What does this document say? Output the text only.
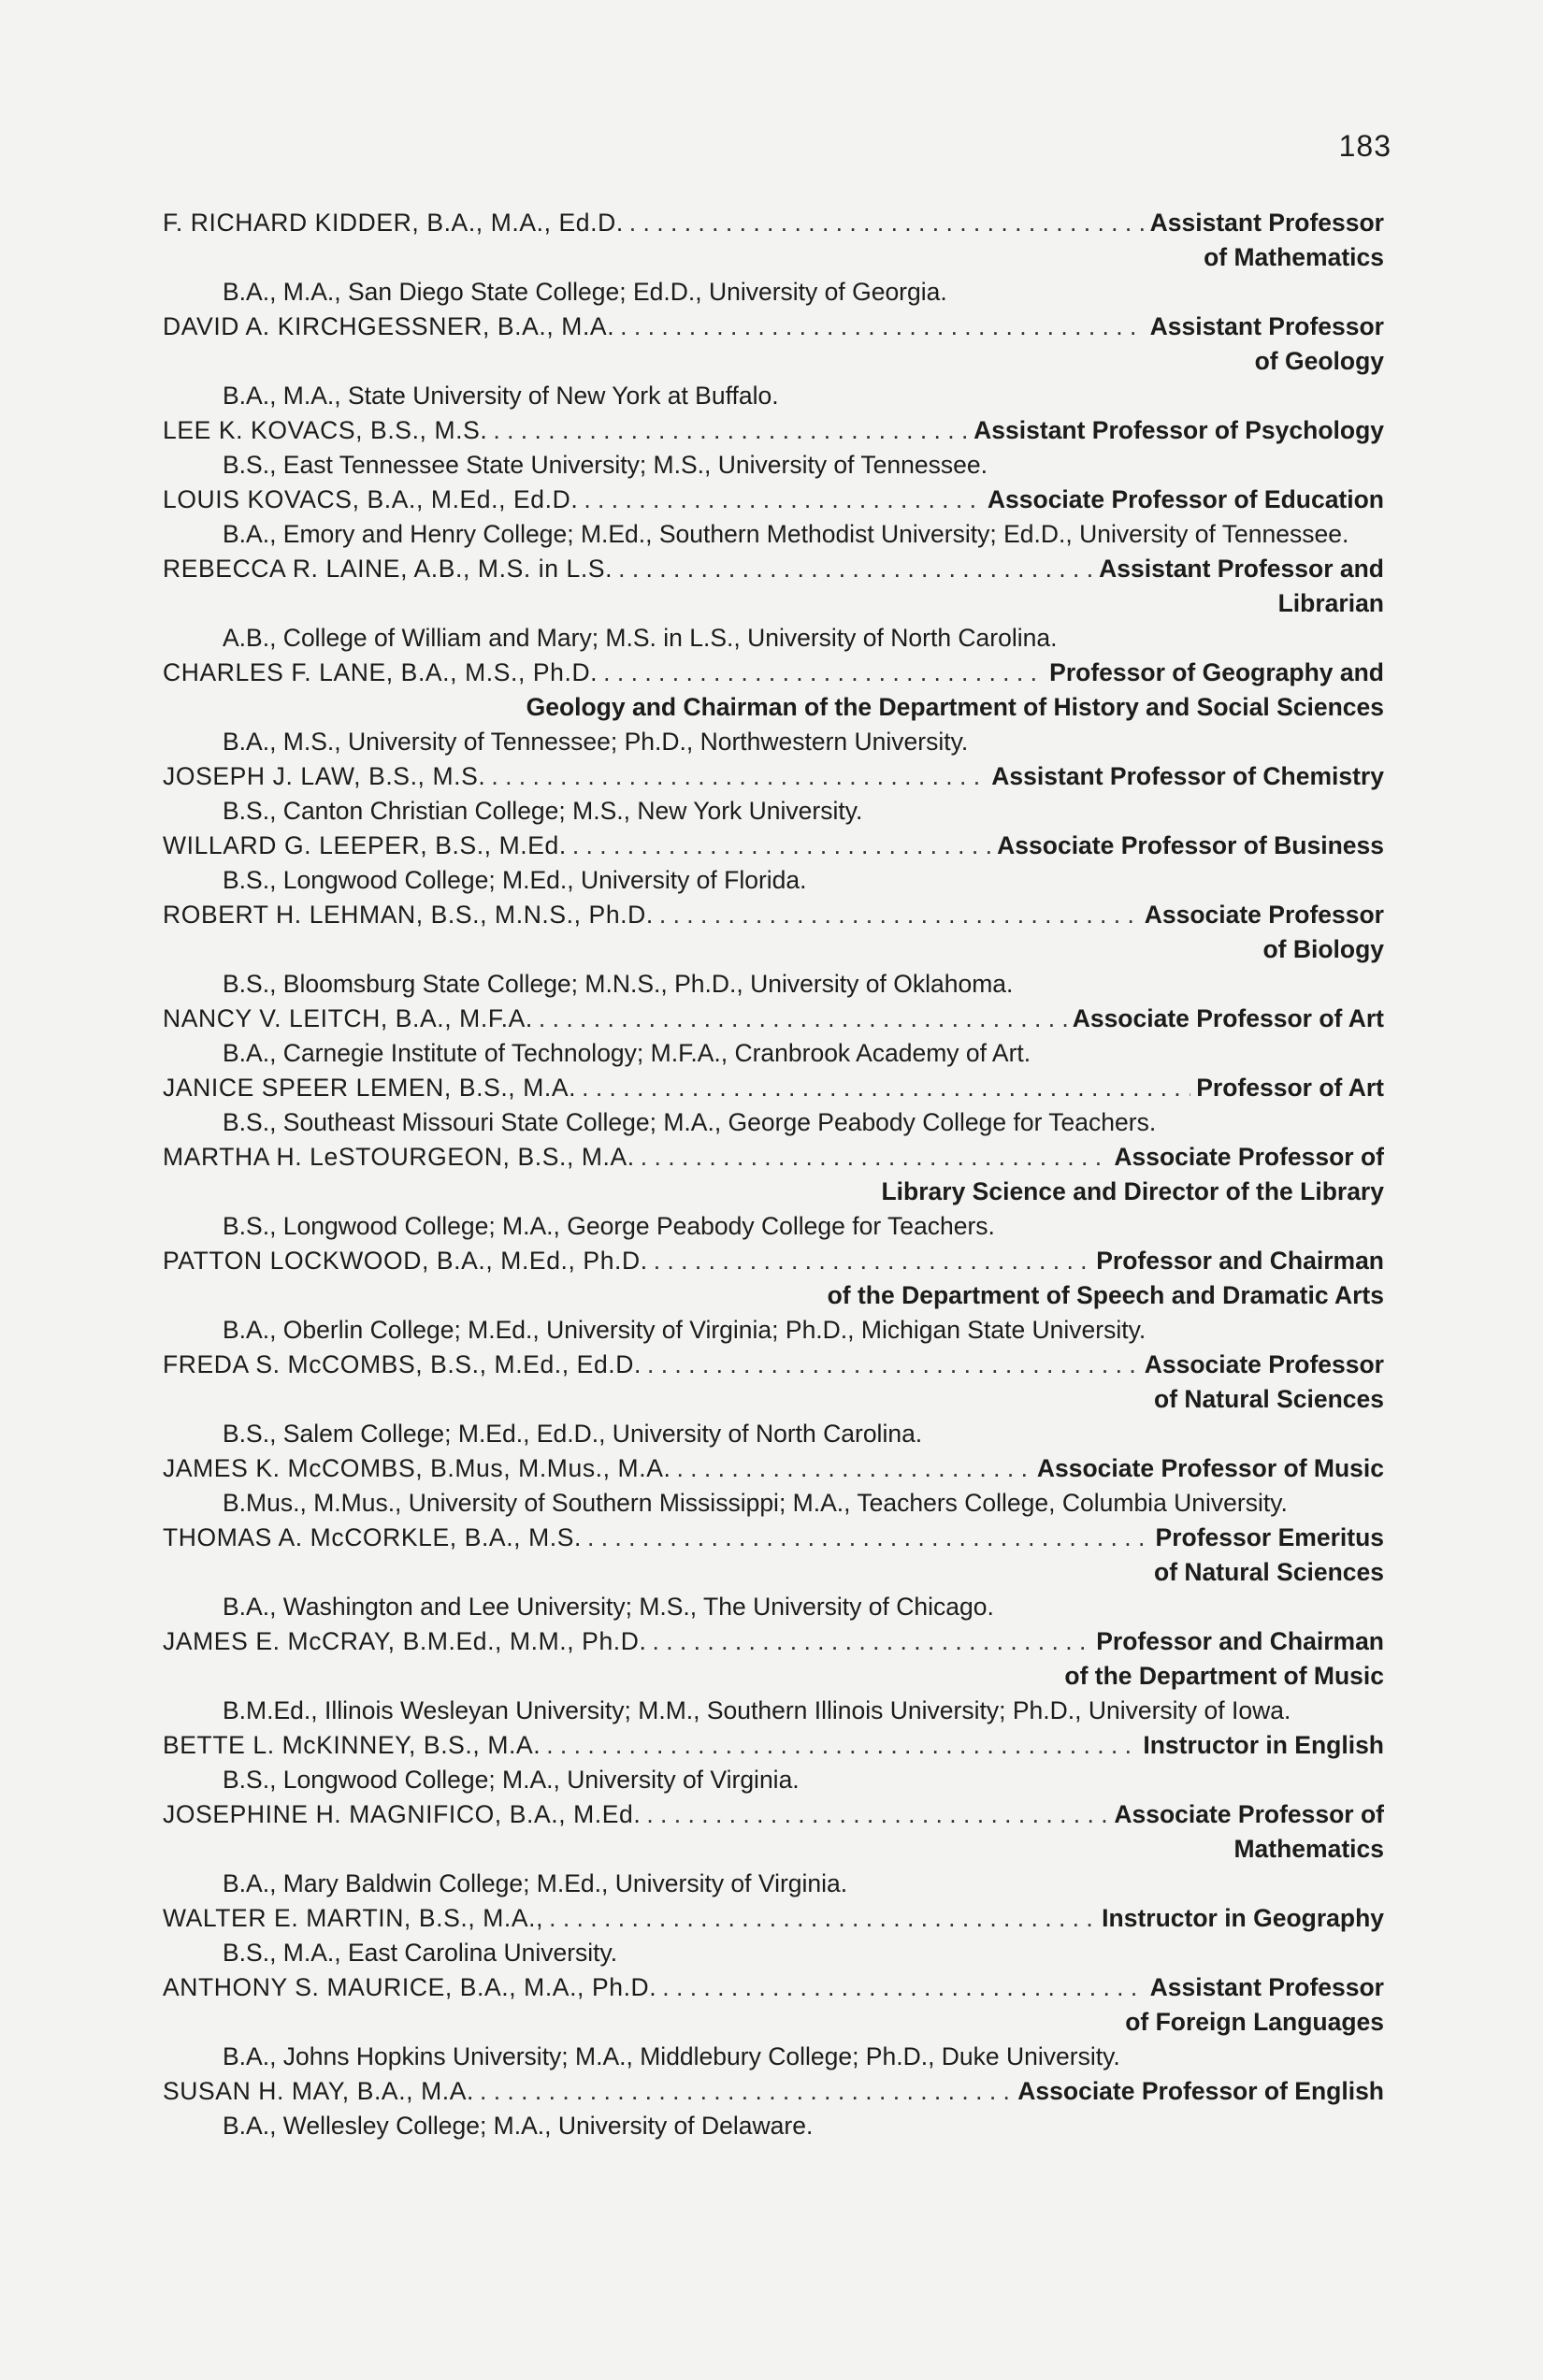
183
F. RICHARD KIDDER, B.A., M.A., Ed.D. . . .	Assistant Professor
of Mathematics
B.A., M.A., San Diego State College; Ed.D., University of Georgia.
DAVID A. KIRCHGESSNER, B.A., M.A. . . .	Assistant Professor
of Geology
B.A., M.A., State University of New York at Buffalo.
LEE K. KOVACS, B.S., M.S. . . .	Assistant Professor of Psychology
B.S., East Tennessee State University; M.S., University of Tennessee.
LOUIS KOVACS, B.A., M.Ed., Ed.D. . . .	Associate Professor of Education
B.A., Emory and Henry College; M.Ed., Southern Methodist University; Ed.D., University of Tennessee.
REBECCA R. LAINE, A.B., M.S. in L.S. . . .	Assistant Professor and
Librarian
A.B., College of William and Mary; M.S. in L.S., University of North Carolina.
CHARLES F. LANE, B.A., M.S., Ph.D. . . .	Professor of Geography and
Geology and Chairman of the Department of History and Social Sciences
B.A., M.S., University of Tennessee; Ph.D., Northwestern University.
JOSEPH J. LAW, B.S., M.S. . . .	Assistant Professor of Chemistry
B.S., Canton Christian College; M.S., New York University.
WILLARD G. LEEPER, B.S., M.Ed. . . .	Associate Professor of Business
B.S., Longwood College; M.Ed., University of Florida.
ROBERT H. LEHMAN, B.S., M.N.S., Ph.D. . . .	Associate Professor
of Biology
B.S., Bloomsburg State College; M.N.S., Ph.D., University of Oklahoma.
NANCY V. LEITCH, B.A., M.F.A. . . .	Associate Professor of Art
B.A., Carnegie Institute of Technology; M.F.A., Cranbrook Academy of Art.
JANICE SPEER LEMEN, B.S., M.A. . . .	Professor of Art
B.S., Southeast Missouri State College; M.A., George Peabody College for Teachers.
MARTHA H. LeSTOURGEON, B.S., M.A. . . .	Associate Professor of
Library Science and Director of the Library
B.S., Longwood College; M.A., George Peabody College for Teachers.
PATTON LOCKWOOD, B.A., M.Ed., Ph.D. . . .	Professor and Chairman
of the Department of Speech and Dramatic Arts
B.A., Oberlin College; M.Ed., University of Virginia; Ph.D., Michigan State University.
FREDA S. McCOMBS, B.S., M.Ed., Ed.D. . . .	Associate Professor
of Natural Sciences
B.S., Salem College; M.Ed., Ed.D., University of North Carolina.
JAMES K. McCOMBS, B.Mus, M.Mus., M.A. . . .	Associate Professor of Music
B.Mus., M.Mus., University of Southern Mississippi; M.A., Teachers College, Columbia University.
THOMAS A. McCORKLE, B.A., M.S. . . .	Professor Emeritus
of Natural Sciences
B.A., Washington and Lee University; M.S., The University of Chicago.
JAMES E. McCRAY, B.M.Ed., M.M., Ph.D. . . .	Professor and Chairman
of the Department of Music
B.M.Ed., Illinois Wesleyan University; M.M., Southern Illinois University; Ph.D., University of Iowa.
BETTE L. McKINNEY, B.S., M.A. . . .	Instructor in English
B.S., Longwood College; M.A., University of Virginia.
JOSEPHINE H. MAGNIFICO, B.A., M.Ed. . . .	Associate Professor of
Mathematics
B.A., Mary Baldwin College; M.Ed., University of Virginia.
WALTER E. MARTIN, B.S., M.A., . . .	Instructor in Geography
B.S., M.A., East Carolina University.
ANTHONY S. MAURICE, B.A., M.A., Ph.D. . . .	Assistant Professor
of Foreign Languages
B.A., Johns Hopkins University; M.A., Middlebury College; Ph.D., Duke University.
SUSAN H. MAY, B.A., M.A. . . .	Associate Professor of English
B.A., Wellesley College; M.A., University of Delaware.
